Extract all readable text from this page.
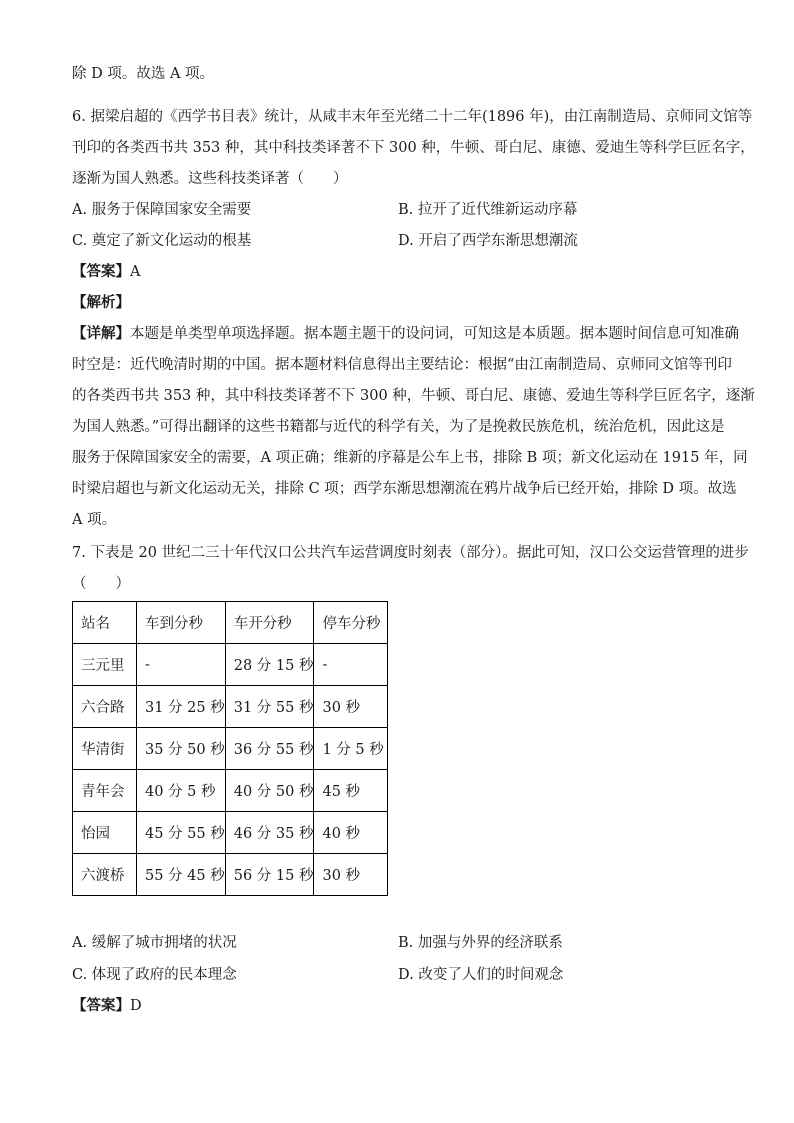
除 D 项。故选 A 项。
6. 据梁启超的《西学书目表》统计，从咸丰末年至光绪二十二年(1896 年)，由江南制造局、京师同文馆等
刊印的各类西书共 353 种，其中科技类译著不下 300 种，牛顿、哥白尼、康德、爱迪生等科学巨匠名字，
逐渐为国人熟悉。这些科技类译著（　　）
A. 服务于保障国家安全需要	B. 拉开了近代维新运动序幕
C. 奠定了新文化运动的根基	D. 开启了西学东渐思想潮流
【答案】A
【解析】
【详解】本题是单类型单项选择题。据本题主题干的设问词，可知这是本质题。据本题时间信息可知准确
时空是：近代晚清时期的中国。据本题材料信息得出主要结论：根据“由江南制造局、京师同文馆等刊印
的各类西书共 353 种，其中科技类译著不下 300 种，牛顿、哥白尼、康德、爱迪生等科学巨匠名字，逐渐
为国人熟悉。”可得出翻译的这些书籍都与近代的科学有关，为了是挽救民族危机，统治危机，因此这是
服务于保障国家安全的需要，A 项正确；维新的序幕是公车上书，排除 B 项；新文化运动在 1915 年，同
时梁启超也与新文化运动无关，排除 C 项；西学东渐思想潮流在鸦片战争后已经开始，排除 D 项。故选
A 项。
7. 下表是 20 世纪二三十年代汉口公共汽车运营调度时刻表（部分）。据此可知，汉口公交运营管理的进步
（　　）
站名	车到分秒	车开分秒	停车分秒
三元里	-	28 分 15 秒	-
六合路	31 分 25 秒	31 分 55 秒	30 秒
华清街	35 分 50 秒	36 分 55 秒	1 分 5 秒
青年会	40 分 5 秒	40 分 50 秒	45 秒
怡园	45 分 55 秒	46 分 35 秒	40 秒
六渡桥	55 分 45 秒	56 分 15 秒	30 秒
A. 缓解了城市拥堵的状况	B. 加强与外界的经济联系
C. 体现了政府的民本理念	D. 改变了人们的时间观念
【答案】D
